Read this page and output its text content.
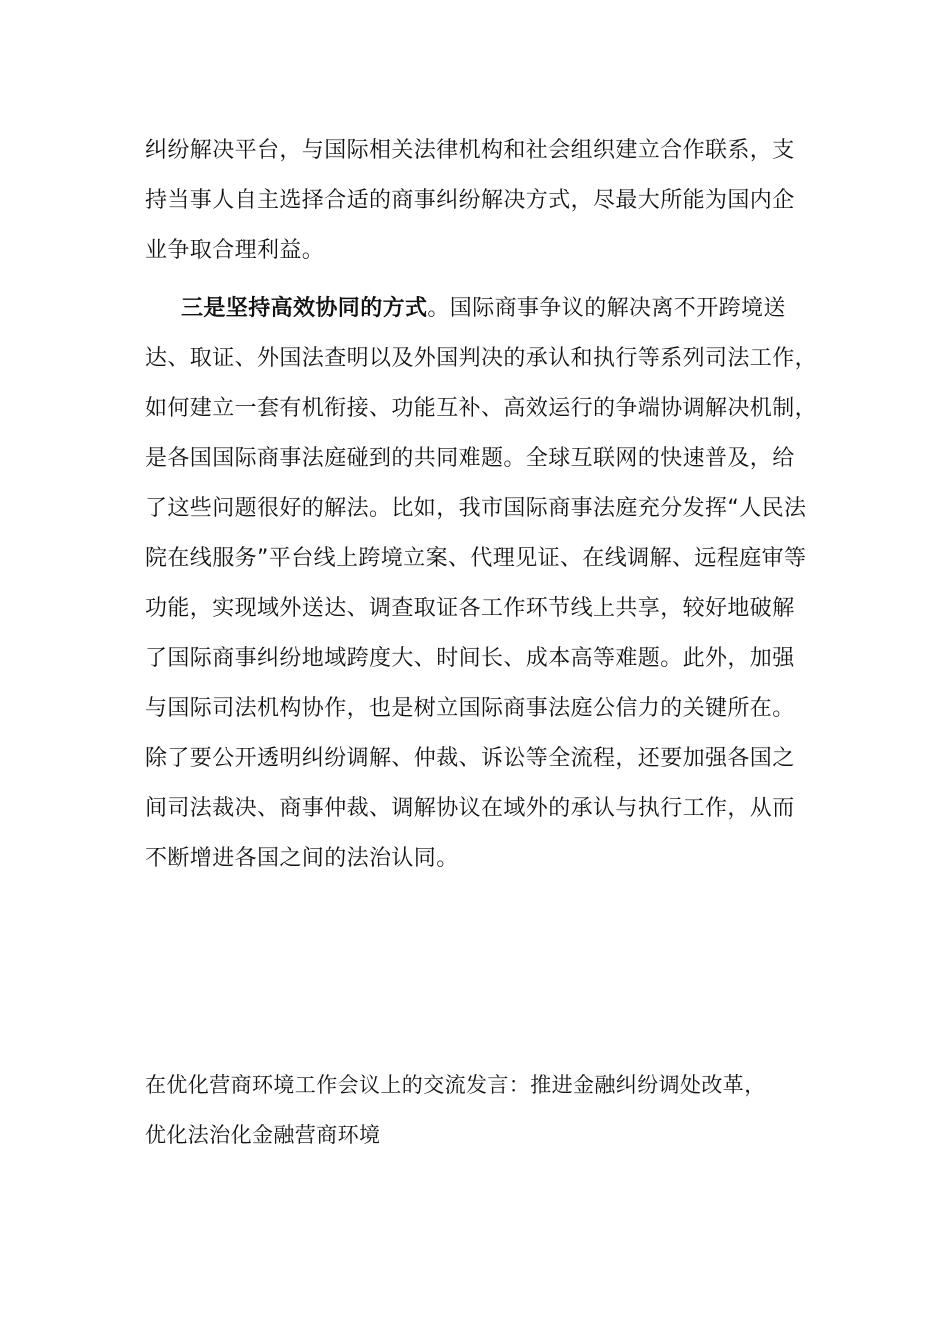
纠纷解决平台，与国际相关法律机构和社会组织建立合作联系，支
持当事人自主选择合适的商事纠纷解决方式，尽最大所能为国内企
业争取合理利益。
三是坚持高效协同的方式。国际商事争议的解决离不开跨境送
达、取证、外国法查明以及外国判决的承认和执行等系列司法工作，
如何建立一套有机衔接、功能互补、高效运行的争端协调解决机制，
是各国国际商事法庭碰到的共同难题。全球互联网的快速普及，给
了这些问题很好的解法。比如，我市国际商事法庭充分发挥“人民法
院在线服务”平台线上跨境立案、代理见证、在线调解、远程庭审等
功能，实现域外送达、调查取证各工作环节线上共享，较好地破解
了国际商事纠纷地域跨度大、时间长、成本高等难题。此外，加强
与国际司法机构协作，也是树立国际商事法庭公信力的关键所在。
除了要公开透明纠纷调解、仲裁、诉讼等全流程，还要加强各国之
间司法裁决、商事仲裁、调解协议在域外的承认与执行工作，从而
不断增进各国之间的法治认同。
在优化营商环境工作会议上的交流发言：推进金融纠纷调处改革，
优化法治化金融营商环境
